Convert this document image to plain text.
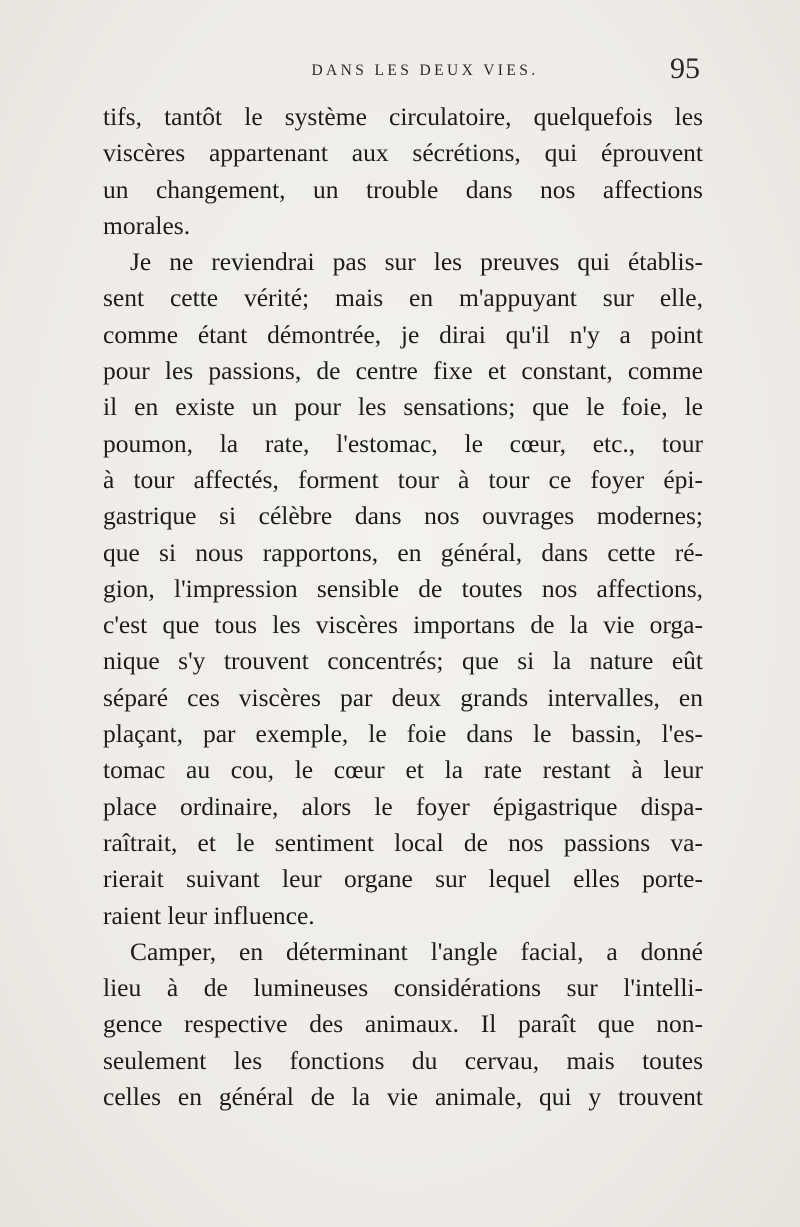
DANS LES DEUX VIES.	95
tifs, tantôt le système circulatoire, quelquefois les
viscères appartenant aux sécrétions, qui éprouvent
un changement, un trouble dans nos affections
morales.
Je ne reviendrai pas sur les preuves qui établis-
sent cette vérité; mais en m'appuyant sur elle,
comme étant démontrée, je dirai qu'il n'y a point
pour les passions, de centre fixe et constant, comme
il en existe un pour les sensations; que le foie, le
poumon, la rate, l'estomac, le cœur, etc., tour
à tour affectés, forment tour à tour ce foyer épi-
gastrique si célèbre dans nos ouvrages modernes;
que si nous rapportons, en général, dans cette ré-
gion, l'impression sensible de toutes nos affections,
c'est que tous les viscères importans de la vie orga-
nique s'y trouvent concentrés; que si la nature eût
séparé ces viscères par deux grands intervalles, en
plaçant, par exemple, le foie dans le bassin, l'es-
tomac au cou, le cœur et la rate restant à leur
place ordinaire, alors le foyer épigastrique dispa-
raîtrait, et le sentiment local de nos passions va-
rierait suivant leur organe sur lequel elles porte-
raient leur influence.
Camper, en déterminant l'angle facial, a donné
lieu à de lumineuses considérations sur l'intelli-
gence respective des animaux. Il paraît que non-
seulement les fonctions du cervau, mais toutes
celles en général de la vie animale, qui y trouvent
